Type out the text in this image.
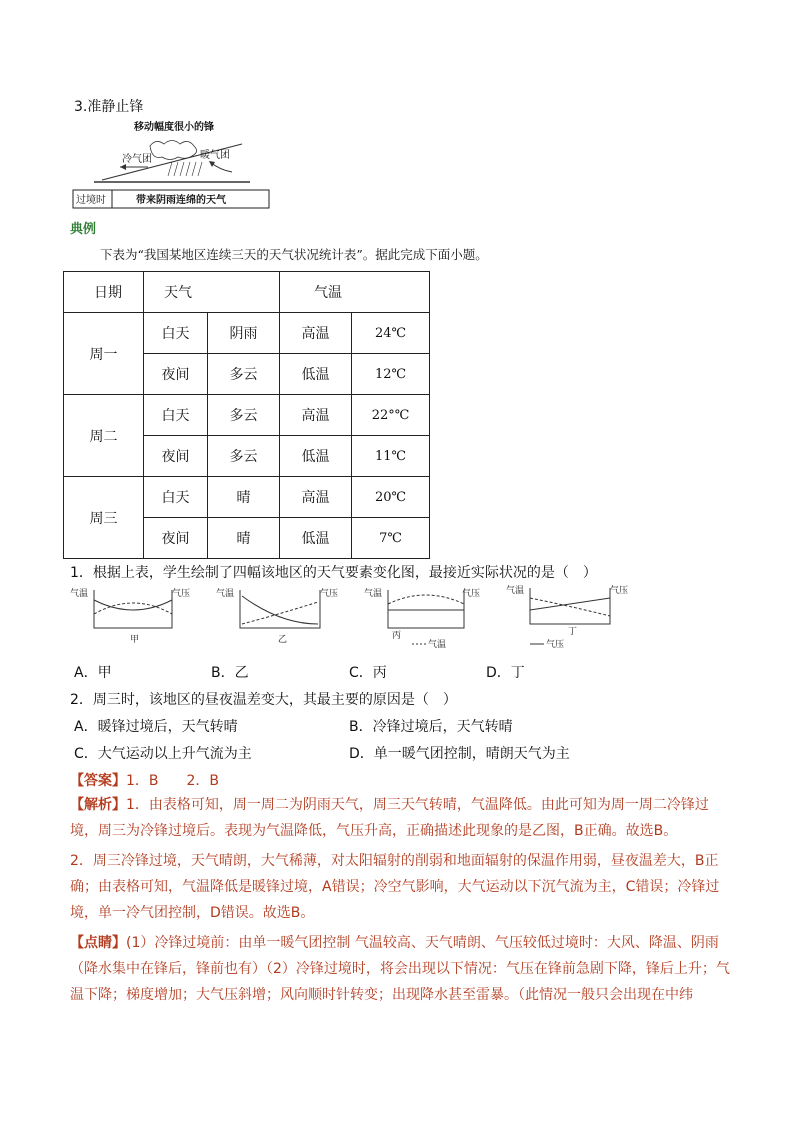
3.准静止锋
移动幅度很小的锋
冷气团	暖气团
过境时	带来阴雨连绵的天气
典例
下表为“我国某地区连续三天的天气状况统计表”。据此完成下面小题。
日期	天气		气温	
周一	白天	阴雨	高温	24℃
	夜间	多云	低温	12℃
周二	白天	多云	高温	22°℃
	夜间	多云	低温	11℃
周三	白天	晴	高温	20℃
	夜间	晴	低温	7℃
1．根据上表，学生绘制了四幅该地区的天气要素变化图，最接近实际状况的是（　）
气温	气压
甲
气温	气压
乙
气温	气压
丙
气温
气温	气压
丁
气压
A．甲	B．乙	C．丙	D．丁
2．周三时，该地区的昼夜温差变大，其最主要的原因是（　）
A．暖锋过境后，天气转晴	B．冷锋过境后，天气转晴
C．大气运动以上升气流为主	D．单一暖气团控制，晴朗天气为主
【答案】1．B　　2．B
【解析】1．由表格可知，周一周二为阴雨天气，周三天气转晴，气温降低。由此可知为周一周二冷锋过境，周三为冷锋过境后。表现为气温降低，气压升高，正确描述此现象的是乙图，B正确。故选B。
2．周三冷锋过境，天气晴朗，大气稀薄，对太阳辐射的削弱和地面辐射的保温作用弱，昼夜温差大，B正确；由表格可知，气温降低是暖锋过境，A错误；冷空气影响，大气运动以下沉气流为主，C错误；冷锋过境，单一冷气团控制，D错误。故选B。
【点睛】(1）冷锋过境前：由单一暖气团控制 气温较高、天气晴朗、气压较低过境时：大风、降温、阴雨（降水集中在锋后，锋前也有）（2）冷锋过境时，将会出现以下情况：气压在锋前急剧下降，锋后上升；气温下降；梯度增加；大气压斜增；风向顺时针转变；出现降水甚至雷暴。（此情况一般只会出现在中纬
